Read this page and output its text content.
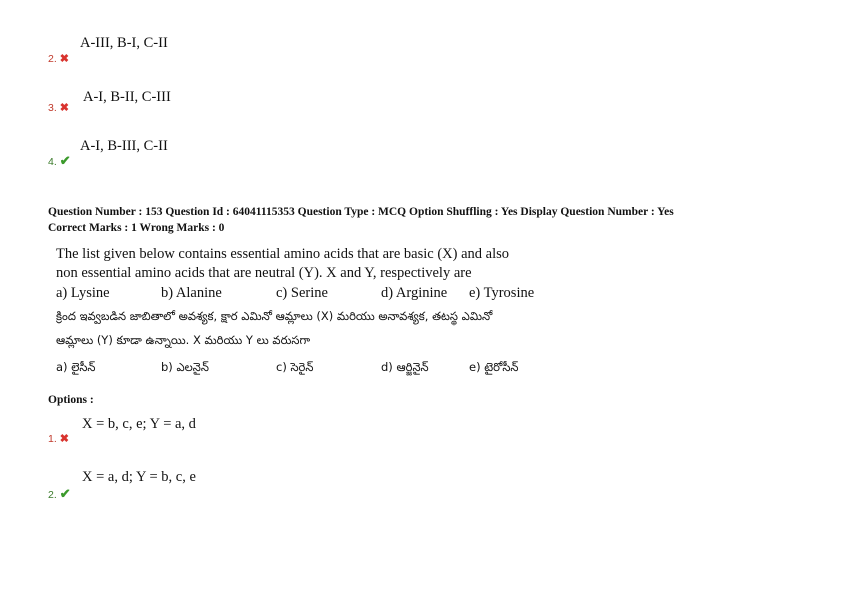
A-III, B-I, C-II
2. ✖
A-I, B-II, C-III
3. ✖
A-I, B-III, C-II
4. ✔
Question Number : 153 Question Id : 64041115353 Question Type : MCQ Option Shuffling : Yes Display Question Number : Yes
Correct Marks : 1 Wrong Marks : 0
The list given below contains essential amino acids that are basic (X) and also
non essential amino acids that are neutral (Y). X and Y, respectively are
a) Lysine	b) Alanine	c) Serine	d) Arginine e) Tyrosine
క్రింద ఇవ్వబడిన జాబితాలో అవశ్యక, క్షార ఎమినో ఆమ్లాలు (X) మరియు అనావశ్యక, తటస్థ ఎమినో
ఆమ్లాలు (Y) కూడా ఉన్నాయి. X మరియు Y లు వరుసగా
a) లైసీన్	b) ఎలనైన్	c) సెరైన్	d) ఆర్జినైన్	e) టైరోసీన్
Options :
X = b, c, e; Y = a, d
1. ✖
X = a, d; Y = b, c, e
2. ✔
